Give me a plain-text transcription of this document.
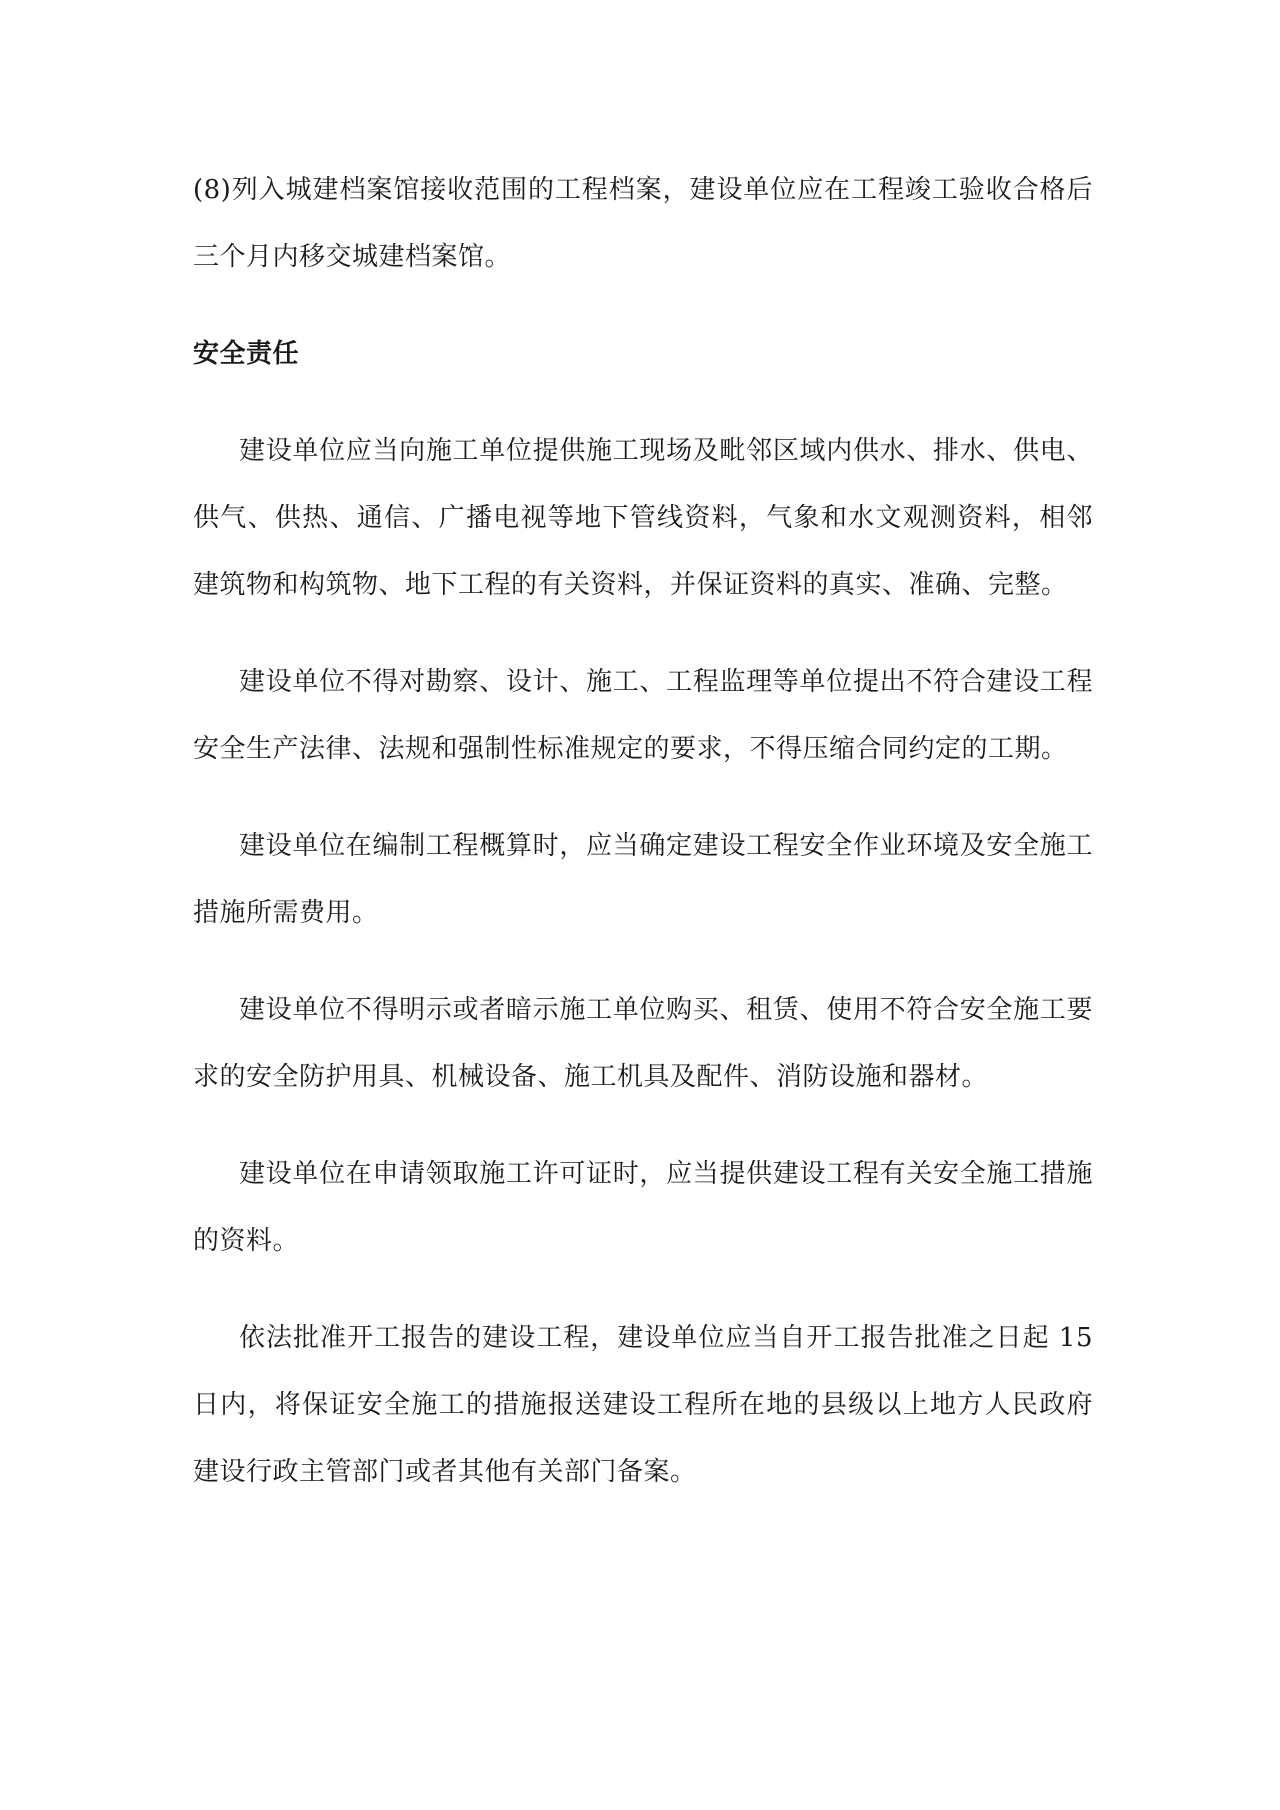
(8)列入城建档案馆接收范围的工程档案，建设单位应在工程竣工验收合格后三个月内移交城建档案馆。

安全责任

建设单位应当向施工单位提供施工现场及毗邻区域内供水、排水、供电、供气、供热、通信、广播电视等地下管线资料，气象和水文观测资料，相邻建筑物和构筑物、地下工程的有关资料，并保证资料的真实、准确、完整。

建设单位不得对勘察、设计、施工、工程监理等单位提出不符合建设工程安全生产法律、法规和强制性标准规定的要求，不得压缩合同约定的工期。

建设单位在编制工程概算时，应当确定建设工程安全作业环境及安全施工措施所需费用。

建设单位不得明示或者暗示施工单位购买、租赁、使用不符合安全施工要求的安全防护用具、机械设备、施工机具及配件、消防设施和器材。

建设单位在申请领取施工许可证时，应当提供建设工程有关安全施工措施的资料。

依法批准开工报告的建设工程，建设单位应当自开工报告批准之日起 15 日内，将保证安全施工的措施报送建设工程所在地的县级以上地方人民政府建设行政主管部门或者其他有关部门备案。
